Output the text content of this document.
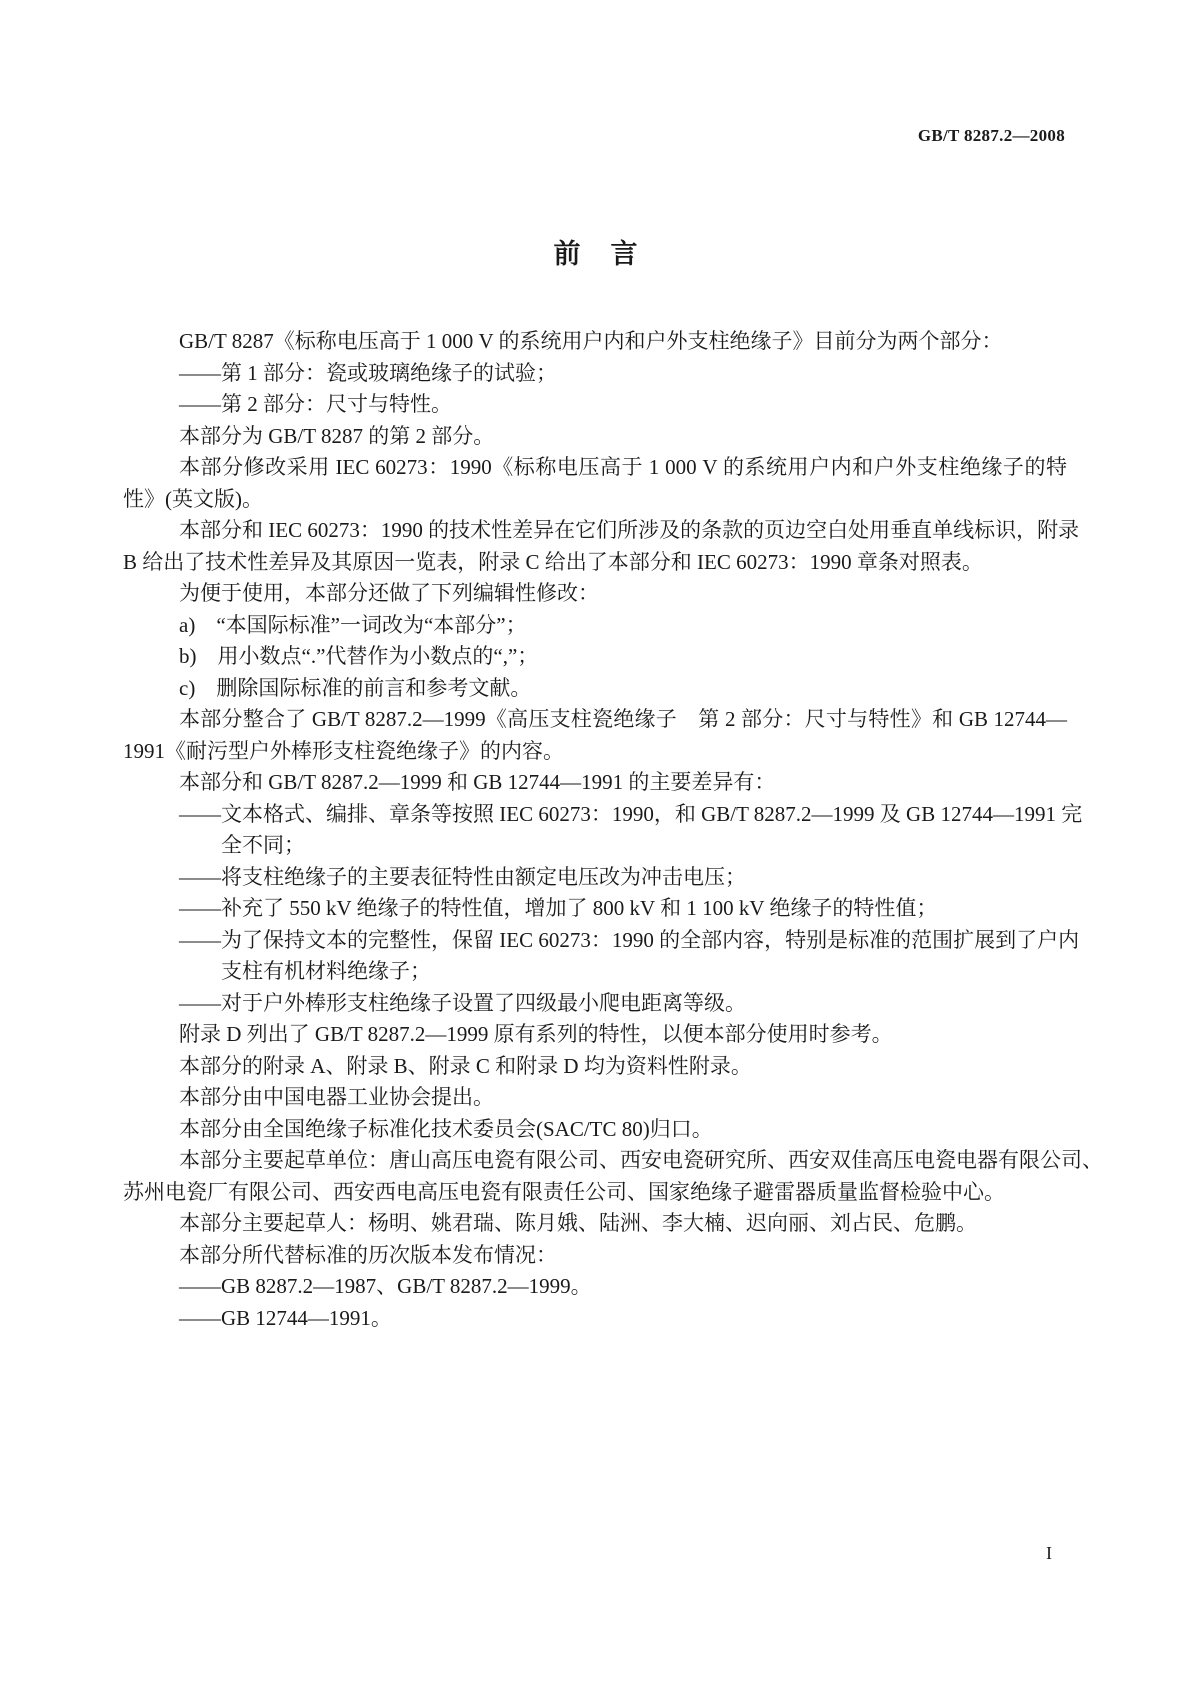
GB/T 8287.2—2008
前言
GB/T 8287《标称电压高于 1 000 V 的系统用户内和户外支柱绝缘子》目前分为两个部分：
——第 1 部分：瓷或玻璃绝缘子的试验；
——第 2 部分：尺寸与特性。
本部分为 GB/T 8287 的第 2 部分。
本部分修改采用 IEC 60273：1990《标称电压高于 1 000 V 的系统用户内和户外支柱绝缘子的特
性》(英文版)。
本部分和 IEC 60273：1990 的技术性差异在它们所涉及的条款的页边空白处用垂直单线标识，附录
B 给出了技术性差异及其原因一览表，附录 C 给出了本部分和 IEC 60273：1990 章条对照表。
为便于使用，本部分还做了下列编辑性修改：
a)　“本国际标准”一词改为“本部分”；
b)　用小数点“.”代替作为小数点的“,”；
c)　删除国际标准的前言和参考文献。
本部分整合了 GB/T 8287.2—1999《高压支柱瓷绝缘子　第 2 部分：尺寸与特性》和 GB 12744—
1991《耐污型户外棒形支柱瓷绝缘子》的内容。
本部分和 GB/T 8287.2—1999 和 GB 12744—1991 的主要差异有：
——文本格式、编排、章条等按照 IEC 60273：1990，和 GB/T 8287.2—1999 及 GB 12744—1991 完
全不同；
——将支柱绝缘子的主要表征特性由额定电压改为冲击电压；
——补充了 550 kV 绝缘子的特性值，增加了 800 kV 和 1 100 kV 绝缘子的特性值；
——为了保持文本的完整性，保留 IEC 60273：1990 的全部内容，特别是标准的范围扩展到了户内
支柱有机材料绝缘子；
——对于户外棒形支柱绝缘子设置了四级最小爬电距离等级。
附录 D 列出了 GB/T 8287.2—1999 原有系列的特性，以便本部分使用时参考。
本部分的附录 A、附录 B、附录 C 和附录 D 均为资料性附录。
本部分由中国电器工业协会提出。
本部分由全国绝缘子标准化技术委员会(SAC/TC 80)归口。
本部分主要起草单位：唐山高压电瓷有限公司、西安电瓷研究所、西安双佳高压电瓷电器有限公司、
苏州电瓷厂有限公司、西安西电高压电瓷有限责任公司、国家绝缘子避雷器质量监督检验中心。
本部分主要起草人：杨明、姚君瑞、陈月娥、陆洲、李大楠、迟向丽、刘占民、危鹏。
本部分所代替标准的历次版本发布情况：
——GB 8287.2—1987、GB/T 8287.2—1999。
——GB 12744—1991。
I
